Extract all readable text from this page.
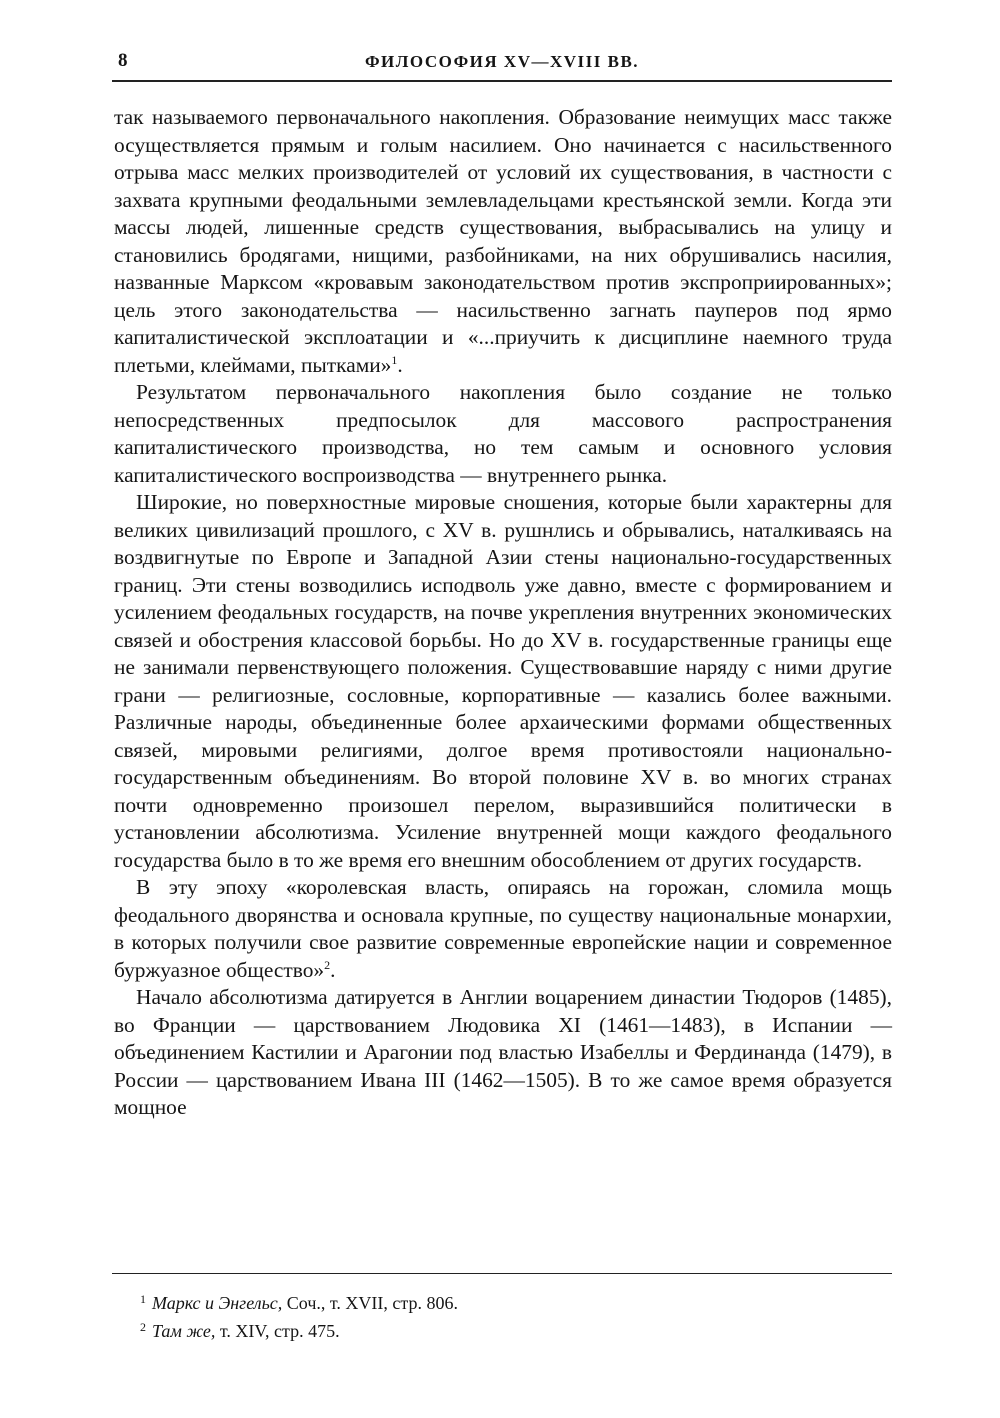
8	ФИЛОСОФИЯ XV—XVIII ВВ.

так называемого первоначального накопления. Образование неимущих масс также осуществляется прямым и голым насилием. Оно начинается с насильственного отрыва масс мелких производителей от условий их существования, в частности с захвата крупными феодальными землевладельцами крестьянской земли. Когда эти массы людей, лишенные средств существования, выбрасывались на улицу и становились бродягами, нищими, разбойниками, на них обрушивались насилия, названные Марксом «кровавым законодательством против экспроприированных»; цель этого законодательства — насильственно загнать пауперов под ярмо капиталистической эксплоатации и «...приучить к дисциплине наемного труда плетьми, клеймами, пытками»$^1$.

Результатом первоначального накопления было создание не только непосредственных предпосылок для массового распространения капиталистического производства, но тем самым и основного условия капиталистического воспроизводства — внутреннего рынка.

Широкие, но поверхностные мировые сношения, которые были характерны для великих цивилизаций прошлого, с XV в. рушнлись и обрывались, наталкиваясь на воздвигнутые по Европе и Западной Азии стены национально-государственных границ. Эти стены возводились исподволь уже давно, вместе с формированием и усилением феодальных государств, на почве укрепления внутренних экономических связей и обострения классовой борьбы. Но до XV в. государственные границы еще не занимали первенствующего положения. Существовавшие наряду с ними другие грани — религиозные, сословные, корпоративные — казались более важными. Различные народы, объединенные более архаическими формами общественных связей, мировыми религиями, долгое время противостояли национально-государственным объединениям. Во второй половине XV в. во многих странах почти одновременно произошел перелом, выразившийся политически в установлении абсолютизма. Усиление внутренней мощи каждого феодального государства было в то же время его внешним обособлением от других государств.

В эту эпоху «королевская власть, опираясь на горожан, сломила мощь феодального дворянства и основала крупные, по существу национальные монархии, в которых получили свое развитие современные европейские нации и современное буржуазное общество»$^2$.

Начало абсолютизма датируется в Англии воцарением династии Тюдоров (1485), во Франции — царствованием Людовика XI (1461—1483), в Испании — объединением Кастилии и Арагонии под властью Изабеллы и Фердинанда (1479), в России — царствованием Ивана III (1462—1505). В то же самое время образуется мощное

$^1$ Маркс и Энгельс, Соч., т. XVII, стр. 806.
$^2$ Там же, т. XIV, стр. 475.
